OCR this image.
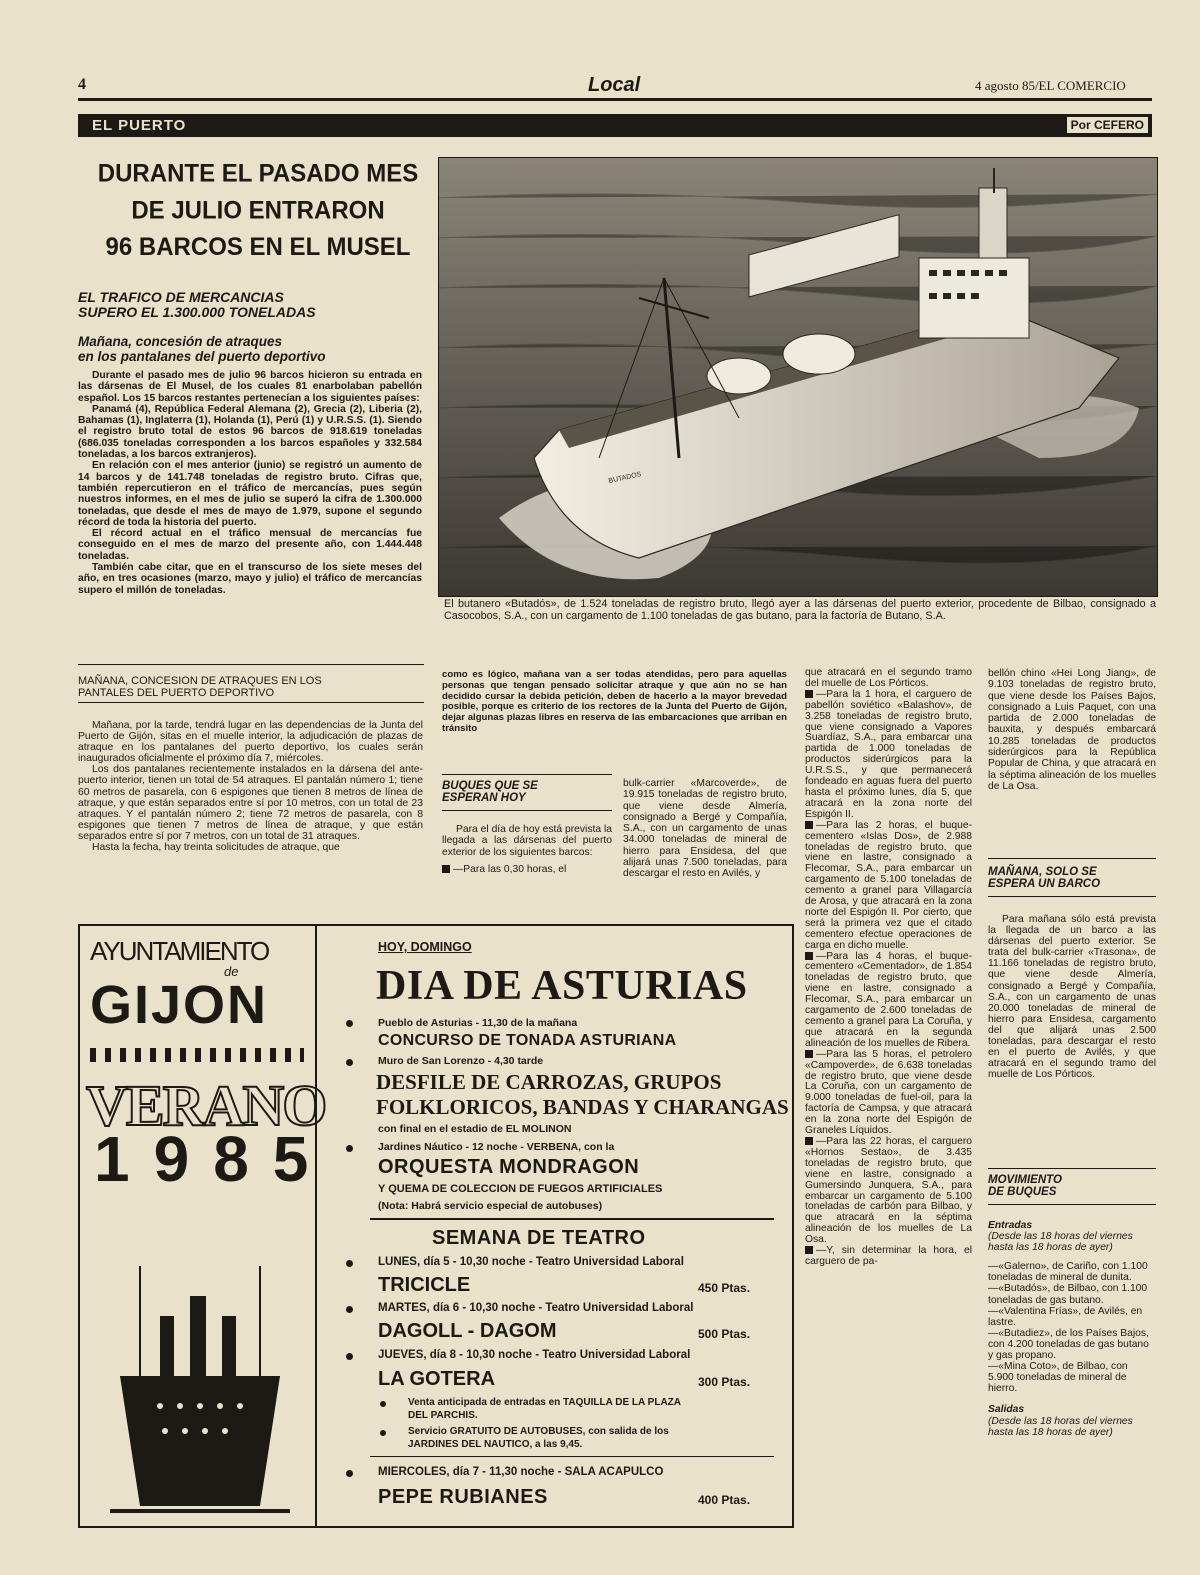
4	Local	4 agosto 85/EL COMERCIO
EL PUERTO	Por CEFERO
DURANTE EL PASADO MES
DE JULIO ENTRARON
96 BARCOS EN EL MUSEL
EL TRAFICO DE MERCANCIAS
SUPERO EL 1.300.000 TONELADAS
Mañana, concesión de atraques
en los pantalanes del puerto deportivo

Durante el pasado mes de julio 96 barcos hicieron su entrada en las dársenas de El Musel, de los cuales 81 enarbolaban pabellón español. Los 15 barcos restantes pertenecían a los siguientes países:

Panamá (4), República Federal Alemana (2), Grecia (2), Liberia (2), Bahamas (1), Inglaterra (1), Holanda (1), Perú (1) y U.R.S.S. (1). Siendo el registro bruto total de estos 96 barcos de 918.619 toneladas (686.035 toneladas corresponden a los barcos españoles y 332.584 toneladas, a los barcos extranjeros).

En relación con el mes anterior (junio) se registró un aumento de 14 barcos y de 141.748 toneladas de registro bruto. Cifras que, también repercutieron en el tráfico de mercancías, pues según nuestros informes, en el mes de julio se superó la cifra de 1.300.000 toneladas, que desde el mes de mayo de 1.979, supone el segundo récord de toda la historia del puerto.

El récord actual en el tráfico mensual de mercancías fue conseguido en el mes de marzo del presente año, con 1.444.448 toneladas.

También cabe citar, que en el transcurso de los siete meses del año, en tres ocasiones (marzo, mayo y julio) el tráfico de mercancías supero el millón de toneladas.

BUTADOS
El butanero «Butadós», de 1.524 toneladas de registro bruto, llegó ayer a las dársenas del puerto exterior, procedente de Bilbao, consignado a Casocobos, S.A., con un cargamento de 1.100 toneladas de gas butano, para la factoría de Butano, S.A.
MAÑANA, CONCESION DE ATRAQUES EN LOS PANTALES DEL PUERTO DEPORTIVO

Mañana, por la tarde, tendrá lugar en las dependencias de la Junta del Puerto de Gijón, sitas en el muelle interior, la adjudicación de plazas de atraque en los pantalanes del puerto deportivo, los cuales serán inaugurados oficialmente el próximo día 7, miércoles.

Los dos pantalanes recientemente instalados en la dársena del ante-puerto interior, tienen un total de 54 atraques. El pantalán número 1; tiene 60 metros de pasarela, con 6 espigones que tienen 8 metros de línea de atraque, y que están separados entre sí por 10 metros, con un total de 23 atraques. Y el pantalán número 2; tiene 72 metros de pasarela, con 8 espigones que tienen 7 metros de línea de atraque, y que están separados entre sí por 7 metros, con un total de 31 atraques.

Hasta la fecha, hay treinta solicitudes de atraque, que

como es lógico, mañana van a ser todas atendidas, pero para aquellas personas que tengan pensado solicitar atraque y que aún no se han decidido cursar la debida petición, deben de hacerlo a la mayor brevedad posible, porque es criterio de los rectores de la Junta del Puerto de Gijón, dejar algunas plazas libres en reserva de las embarcaciones que arriban en tránsito
BUQUES QUE SE
ESPERAN HOY

Para el día de hoy está prevista la llegada a las dársenas del puerto exterior de los siguientes barcos:

—Para las 0,30 horas, el
bulk-carrier «Marcoverde», de 19.915 toneladas de registro bruto, que viene desde Almería, consignado a Bergé y Compañía, S.A., con un cargamento de unas 34.000 toneladas de mineral de hierro para Ensidesa, del que alijará unas 7.500 toneladas, para descargar el resto en Avilés, y
que atracará en el segundo tramo del muelle de Los Pórticos.
—Para la 1 hora, el carguero de pabellón soviético «Balashov», de 3.258 toneladas de registro bruto, que viene consignado a Vapores Suardíaz, S.A., para embarcar una partida de 1.000 toneladas de productos siderúrgicos para la U.R.S.S., y que permanecerá fondeado en aguas fuera del puerto hasta el próximo lunes, día 5, que atracará en la zona norte del Espigón II.
—Para las 2 horas, el buque-cementero «Islas Dos», de 2.988 toneladas de registro bruto, que viene en lastre, consignado a Flecomar, S.A., para embarcar un cargamento de 5.100 toneladas de cemento a granel para Villagarcía de Arosa, y que atracará en la zona norte del Espigón II. Por cierto, que será la primera vez que el citado cementero efectue operaciones de carga en dicho muelle.
—Para las 4 horas, el buque-cementero «Cementador», de 1.854 toneladas de registro bruto, que viene en lastre, consignado a Flecomar, S.A., para embarcar un cargamento de 2.600 toneladas de cemento a granel para La Coruña, y que atracará en la segunda alineación de los muelles de Ribera.
—Para las 5 horas, el petrolero «Campoverde», de 6.638 toneladas de registro bruto, que viene desde La Coruña, con un cargamento de 9.000 toneladas de fuel-oil, para la factoría de Campsa, y que atracará en la zona norte del Espigón de Graneles Líquidos.
—Para las 22 horas, el carguero «Hornos Sestao», de 3.435 toneladas de registro bruto, que viene en lastre, consignado a Gumersindo Junquera, S.A., para embarcar un cargamento de 5.100 toneladas de carbón para Bilbao, y que atracará en la séptima alineación de los muelles de La Osa.
—Y, sin determinar la hora, el carguero de pa-
bellón chino «Hei Long Jiang», de 9.103 toneladas de registro bruto, que viene desde los Países Bajos, consignado a Luis Paquet, con una partida de 2.000 toneladas de bauxita, y después embarcará 10.285 toneladas de productos siderúrgicos para la República Popular de China, y que atracará en la séptima alineación de los muelles de La Osa.
MAÑANA, SOLO SE
ESPERA UN BARCO

Para mañana sólo está prevista la llegada de un barco a las dársenas del puerto exterior. Se trata del bulk-carrier «Trasona», de 11.166 toneladas de registro bruto, que viene desde Almería, consignado a Bergé y Compañía, S.A., con un cargamento de unas 20.000 toneladas de mineral de hierro para Ensidesa, cargamento del que alijará unas 2.500 toneladas, para descargar el resto en el puerto de Avilés, y que atracará en el segundo tramo del muelle de Los Pórticos.

MOVIMIENTO
DE BUQUES
Entradas
(Desde las 18 horas del viernes hasta las 18 horas de ayer)
—«Galerno», de Cariño, con 1.100 toneladas de mineral de dunita.
—«Butadós», de Bilbao, con 1.100 toneladas de gas butano.
—«Valentina Frías», de Avilés, en lastre.
—«Butadiez», de los Países Bajos, con 4.200 toneladas de gas butano y gas propano.
—«Mina Coto», de Bilbao, con 5.900 toneladas de mineral de hierro.
Salidas
(Desde las 18 horas del viernes hasta las 18 horas de ayer)
AYUNTAMIENTO
de
GIJON
VERANO
1985
HOY, DOMINGO
DIA DE ASTURIAS
Pueblo de Asturias - 11,30 de la mañana
CONCURSO DE TONADA ASTURIANA
Muro de San Lorenzo - 4,30 tarde
DESFILE DE CARROZAS, GRUPOS
FOLKLORICOS, BANDAS Y CHARANGAS
con final en el estadio de EL MOLINON
Jardines Náutico - 12 noche - VERBENA, con la
ORQUESTA MONDRAGON
Y QUEMA DE COLECCION DE FUEGOS ARTIFICIALES
(Nota: Habrá servicio especial de autobuses)
SEMANA DE TEATRO
LUNES, día 5 - 10,30 noche - Teatro Universidad Laboral
TRICICLE	450 Ptas.
MARTES, día 6 - 10,30 noche - Teatro Universidad Laboral
DAGOLL - DAGOM	500 Ptas.
JUEVES, día 8 - 10,30 noche - Teatro Universidad Laboral
LA GOTERA	300 Ptas.
Venta anticipada de entradas en TAQUILLA DE LA PLAZA
DEL PARCHIS.
Servicio GRATUITO DE AUTOBUSES, con salida de los
JARDINES DEL NAUTICO, a las 9,45.
MIERCOLES, día 7 - 11,30 noche - SALA ACAPULCO
PEPE RUBIANES	400 Ptas.
